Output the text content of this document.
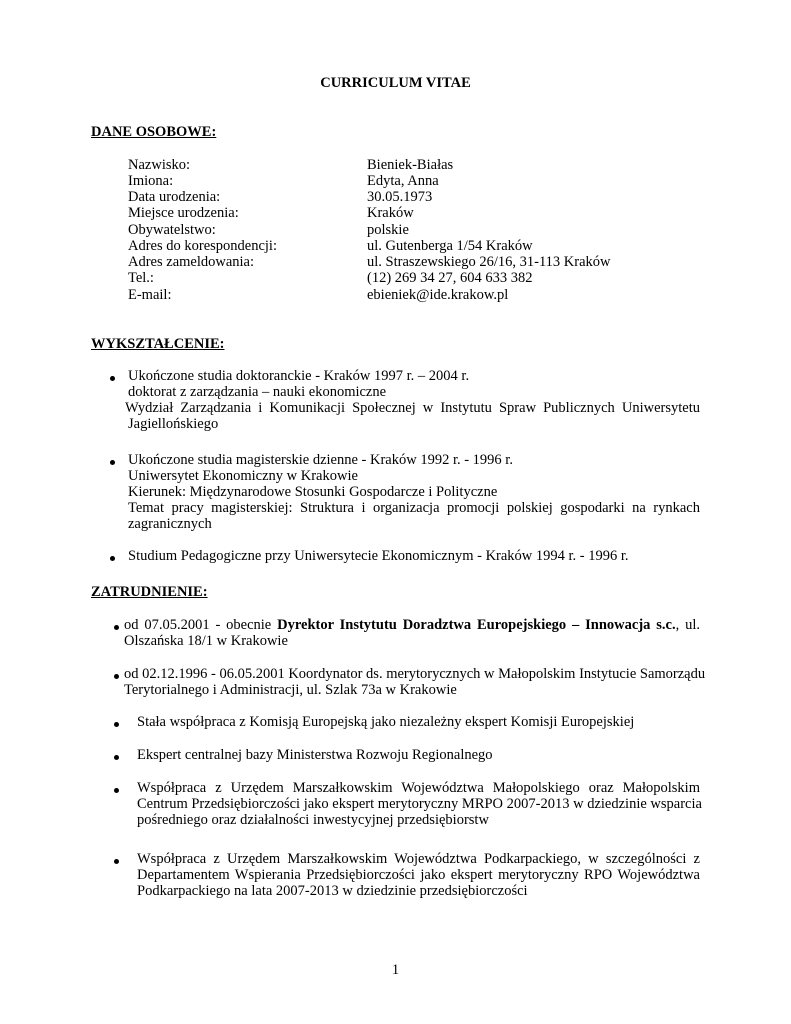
CURRICULUM VITAE
DANE OSOBOWE:
Nazwisko:	Bieniek-Białas
Imiona:	Edyta, Anna
Data urodzenia:	30.05.1973
Miejsce urodzenia:	Kraków
Obywatelstwo:	polskie
Adres do korespondencji:	ul. Gutenberga 1/54 Kraków
Adres zameldowania:	ul. Straszewskiego 26/16, 31-113 Kraków
Tel.:	(12) 269 34 27, 604 633 382
E-mail:	ebieniek@ide.krakow.pl
WYKSZTAŁCENIE:
Ukończone studia doktoranckie - Kraków 1997 r. – 2004 r.
doktorat z zarządzania – nauki ekonomiczne
Wydział Zarządzania i Komunikacji Społecznej w Instytutu Spraw Publicznych Uniwersytetu
Jagiellońskiego
Ukończone studia magisterskie dzienne - Kraków 1992 r. - 1996 r.
Uniwersytet Ekonomiczny w Krakowie
Kierunek: Międzynarodowe Stosunki Gospodarcze i Polityczne
Temat pracy magisterskiej: Struktura i organizacja promocji polskiej gospodarki na rynkach
zagranicznych
Studium Pedagogiczne przy Uniwersytecie Ekonomicznym - Kraków 1994 r. - 1996 r.
ZATRUDNIENIE:
od 07.05.2001 - obecnie Dyrektor Instytutu Doradztwa Europejskiego – Innowacja s.c., ul.
Olszańska 18/1 w Krakowie
od 02.12.1996 - 06.05.2001 Koordynator ds. merytorycznych w Małopolskim Instytucie Samorządu
Terytorialnego i Administracji, ul. Szlak 73a w Krakowie
Stała współpraca z Komisją Europejską jako niezależny ekspert Komisji Europejskiej
Ekspert centralnej bazy Ministerstwa Rozwoju Regionalnego
Współpraca z Urzędem Marszałkowskim Województwa Małopolskiego oraz Małopolskim
Centrum Przedsiębiorczości jako ekspert merytoryczny MRPO 2007-2013 w dziedzinie wsparcia
pośredniego oraz działalności inwestycyjnej przedsiębiorstw
Współpraca z Urzędem Marszałkowskim Województwa Podkarpackiego, w szczególności z
Departamentem Wspierania Przedsiębiorczości jako ekspert merytoryczny RPO Województwa
Podkarpackiego na lata 2007-2013 w dziedzinie przedsiębiorczości
1
